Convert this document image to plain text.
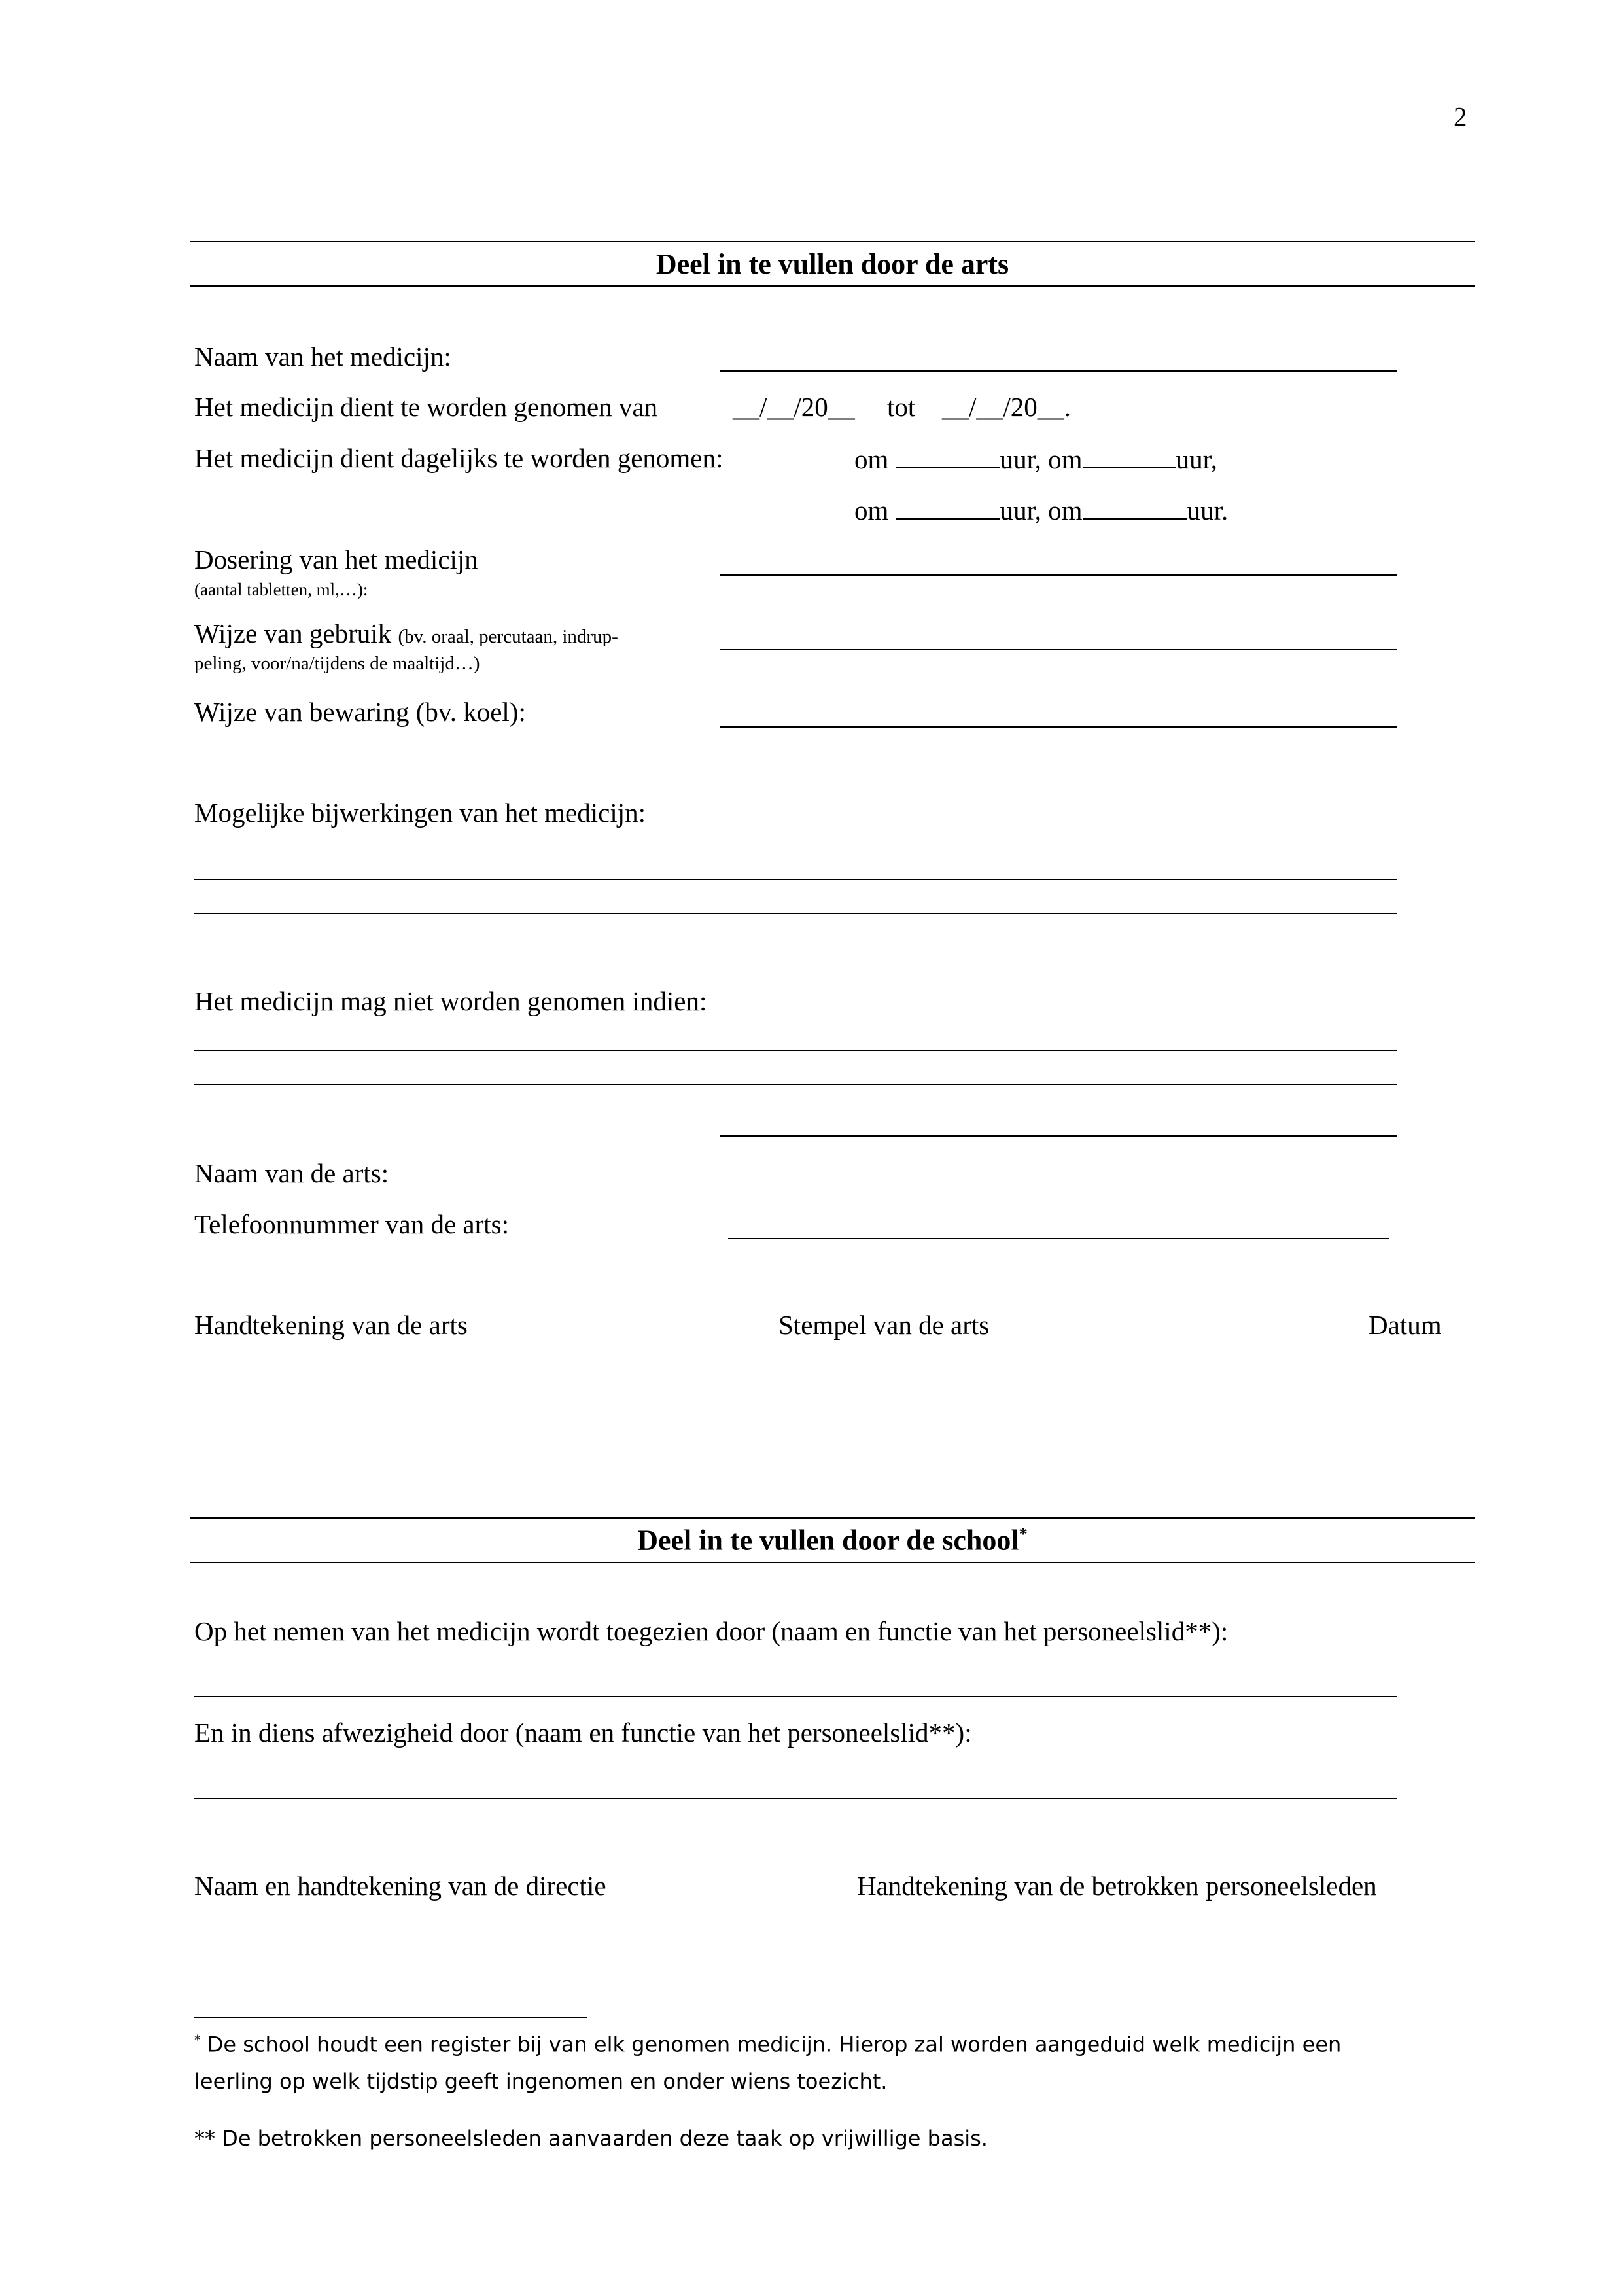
2
Deel in te vullen door de arts
Naam van het medicijn:
Het medicijn dient te worden genomen van	__/__/20__ tot __/__/20__.
Het medicijn dient dagelijks te worden genomen:	om	uur, om	uur,
om	uur, om	uur.
Dosering van het medicijn
(aantal tabletten, ml,…):
Wijze van gebruik (bv. oraal, percutaan, indrup-
peling, voor/na/tijdens de maaltijd…)
Wijze van bewaring (bv. koel):
Mogelijke bijwerkingen van het medicijn:
Het medicijn mag niet worden genomen indien:
Naam van de arts:
Telefoonnummer van de arts:
Handtekening van de arts	Stempel van de arts	Datum
Deel in te vullen door de school*
Op het nemen van het medicijn wordt toegezien door (naam en functie van het personeelslid**):
En in diens afwezigheid door (naam en functie van het personeelslid**):
Naam en handtekening van de directie	Handtekening van de betrokken personeelsleden
* De school houdt een register bij van elk genomen medicijn. Hierop zal worden aangeduid welk medicijn een
leerling op welk tijdstip geeft ingenomen en onder wiens toezicht.
** De betrokken personeelsleden aanvaarden deze taak op vrijwillige basis.
